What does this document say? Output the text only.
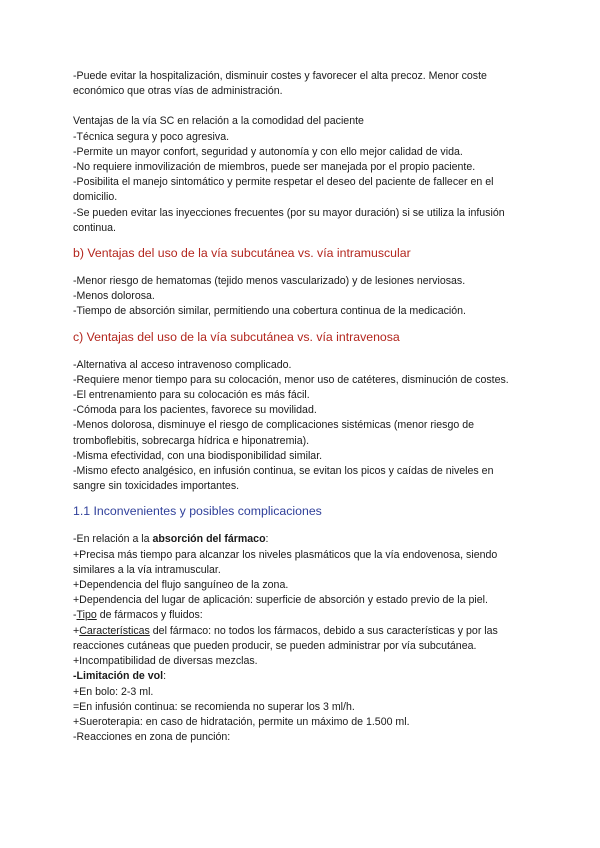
-Puede evitar la hospitalización, disminuir costes y favorecer el alta precoz. Menor coste económico que otras vías de administración.

Ventajas de la vía SC en relación a la comodidad del paciente

-Técnica segura y poco agresiva.

-Permite un mayor confort, seguridad y autonomía y con ello mejor calidad de vida.

-No requiere inmovilización de miembros, puede ser manejada por el propio paciente.

-Posibilita el manejo sintomático y permite respetar el deseo del paciente de fallecer en el domicilio.

-Se pueden evitar las inyecciones frecuentes (por su mayor duración) si se utiliza la infusión continua.

b) Ventajas del uso de la vía subcutánea vs. vía intramuscular

-Menor riesgo de hematomas (tejido menos vascularizado) y de lesiones nerviosas.

-Menos dolorosa.

-Tiempo de absorción similar, permitiendo una cobertura continua de la medicación.

c) Ventajas del uso de la vía subcutánea vs. vía intravenosa

-Alternativa al acceso intravenoso complicado.

-Requiere menor tiempo para su colocación, menor uso de catéteres, disminución de costes.

-El entrenamiento para su colocación es más fácil.

-Cómoda para los pacientes, favorece su movilidad.

-Menos dolorosa, disminuye el riesgo de complicaciones sistémicas (menor riesgo de tromboflebitis, sobrecarga hídrica e hiponatremia).

-Misma efectividad, con una biodisponibilidad similar.

-Mismo efecto analgésico, en infusión continua, se evitan los picos y caídas de niveles en sangre sin toxicidades importantes.

1.1 Inconvenientes y posibles complicaciones

-En relación a la absorción del fármaco:

+Precisa más tiempo para alcanzar los niveles plasmáticos que la vía endovenosa, siendo similares a la vía intramuscular.

+Dependencia del flujo sanguíneo de la zona.

+Dependencia del lugar de aplicación: superficie de absorción y estado previo de la piel.

-Tipo de fármacos y fluidos:

+Características del fármaco: no todos los fármacos, debido a sus características y por las reacciones cutáneas que pueden producir, se pueden administrar por vía subcutánea.

+Incompatibilidad de diversas mezclas.

-Limitación de vol:

+En bolo: 2-3 ml.

=En infusión continua: se recomienda no superar los 3 ml/h.

+Sueroterapia: en caso de hidratación, permite un máximo de 1.500 ml.

-Reacciones en zona de punción:
